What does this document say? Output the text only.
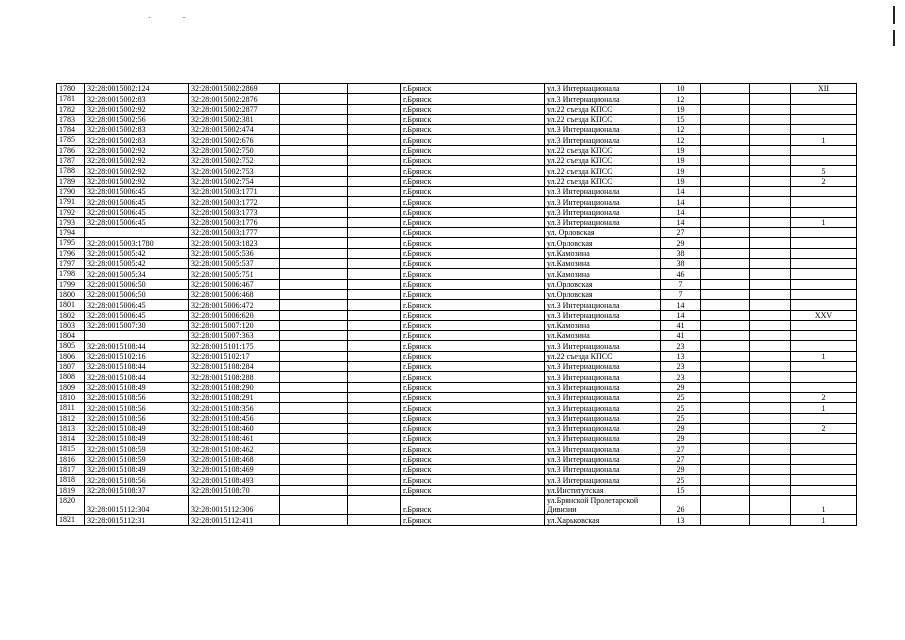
1780	32:28:0015002:124	32:28:0015002:2869			г.Брянск	ул.3 Интернационала	10			XII
1781	32:28:0015002:83	32:28:0015002:2876			г.Брянск	ул.3 Интернационала	12			
1782	32:28:0015002:92	32:28:0015002:2877			г.Брянск	ул.22 съезда КПСС	19			
1783	32:28:0015002:56	32:28:0015002:381			г.Брянск	ул.22 съезда КПСС	15			
1784	32:28:0015002:83	32:28:0015002:474			г.Брянск	ул.3 Интернационала	12			
1785	32:28:0015002:83	32:28:0015002:676			г.Брянск	ул.3 Интернационала	12			1
1786	32:28:0015002:92	32:28:0015002:750			г.Брянск	ул.22 съезда КПСС	19			
1787	32:28:0015002:92	32:28:0015002:752			г.Брянск	ул.22 съезда КПСС	19			
1788	32:28:0015002:92	32:28:0015002:753			г.Брянск	ул.22 съезда КПСС	19			5
1789	32:28:0015002:92	32:28:0015002:754			г.Брянск	ул.22 съезда КПСС	19			2
1790	32:28:0015006:45	32:28:0015003:1771			г.Брянск	ул.3 Интернационала	14			
1791	32:28:0015006:45	32:28:0015003:1772			г.Брянск	ул.3 Интернационала	14			
1792	32:28:0015006:45	32:28:0015003:1773			г.Брянск	ул.3 Интернационала	14			
1793	32:28:0015006:45	32:28:0015003:1776			г.Брянск	ул.3 Интернационала	14			1
1794		32:28:0015003:1777			г.Брянск	ул. Орловская	27			
1795	32:28:0015003:1780	32:28:0015003:1823			г.Брянск	ул.Орловская	29			
1796	32:28:0015005:42	32:28:0015005:536			г.Брянск	ул.Камозина	38			
1797	32:28:0015005:42	32:28:0015005:537			г.Брянск	ул.Камозина	38			
1798	32:28:0015005:34	32:28:0015005:751			г.Брянск	ул.Камозина	46			
1799	32:28:0015006:50	32:28:0015006:467			г.Брянск	ул.Орловская	7			
1800	32:28:0015006:50	32:28:0015006:468			г.Брянск	ул.Орловская	7			
1801	32:28:0015006:45	32:28:0015006:472			г.Брянск	ул.3 Интернационала	14			
1802	32:28:0015006:45	32:28:0015006:620			г.Брянск	ул.3 Интернационала	14			XXV
1803	32:28:0015007:30	32:28:0015007:120			г.Брянск	ул.Камозина	41			
1804		32:28:0015007:363			г.Брянск	ул.Камозина	41			
1805	32:28:0015108:44	32:28:0015101:175			г.Брянск	ул.3 Интернационала	23			
1806	32:28:0015102:16	32:28:0015102:17			г.Брянск	ул.22 съезда КПСС	13			1
1807	32:28:0015108:44	32:28:0015108:284			г.Брянск	ул.3 Интернационала	23			
1808	32:28:0015108:44	32:28:0015108:288			г.Брянск	ул.3 Интернационала	23			
1809	32:28:0015108:49	32:28:0015108:290			г.Брянск	ул.3 Интернационала	29			
1810	32:28:0015108:56	32:28:0015108:291			г.Брянск	ул.3 Интернационала	25			2
1811	32:28:0015108:56	32:28:0015108:356			г.Брянск	ул.3 Интернационала	25			1
1812	32:28:0015108:56	32:28:0015108:456			г.Брянск	ул.3 Интернационала	25			
1813	32:28:0015108:49	32:28:0015108:460			г.Брянск	ул.3 Интернационала	29			2
1814	32:28:0015108:49	32:28:0015108:461			г.Брянск	ул.3 Интернационала	29			
1815	32:28:0015108:59	32:28:0015108:462			г.Брянск	ул.3 Интернационала	27			
1816	32:28:0015108:59	32:28:0015108:468			г.Брянск	ул.3 Интернационала	27			
1817	32:28:0015108:49	32:28:0015108:469			г.Брянск	ул.3 Интернационала	29			
1818	32:28:0015108:56	32:28:0015108:493			г.Брянск	ул.3 Интернационала	25			
1819	32:28:0015108:37	32:28:0015108:70			г.Брянск	ул.Институтская	15			
1820	32:28:0015112:304	32:28:0015112:306			г.Брянск	ул.Брянской Пролетарской Дивизии	26			1
1821	32:28:0015112:31	32:28:0015112:411			г.Брянск	ул.Харьковская	13			1
